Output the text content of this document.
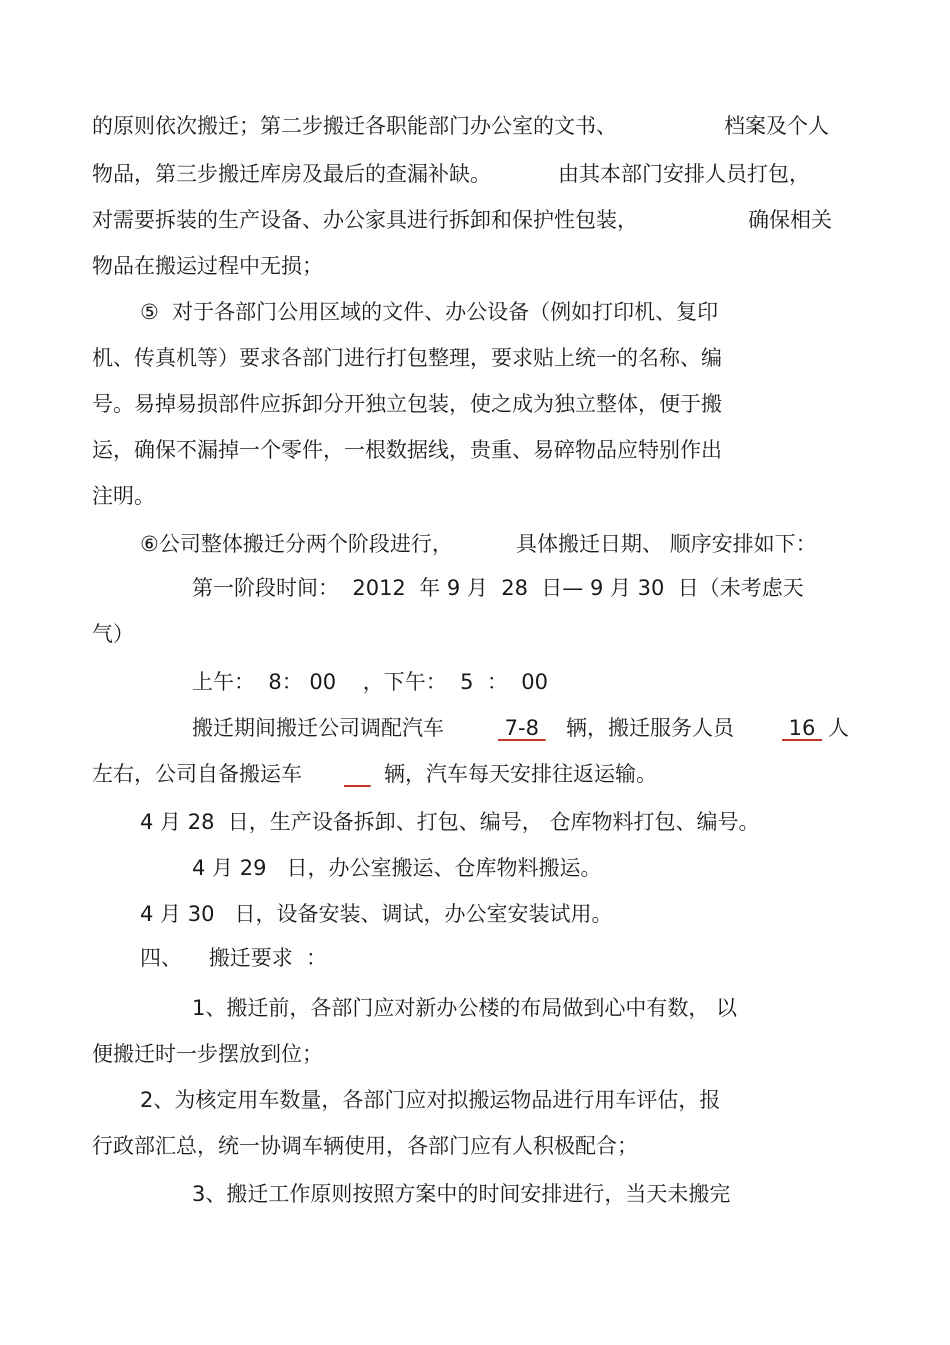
的原则依次搬迁；第二步搬迁各职能部门办公室的文书、	档案及个人
物品，第三步搬迁库房及最后的查漏补缺。	由其本部门安排人员打包，
对需要拆装的生产设备、办公家具进行拆卸和保护性包装，	确保相关
物品在搬运过程中无损；
⑤  对于各部门公用区域的文件、办公设备（例如打印机、复印
机、传真机等）要求各部门进行打包整理，要求贴上统一的名称、编
号。易掉易损部件应拆卸分开独立包装，使之成为独立整体，便于搬
运，确保不漏掉一个零件，一根数据线，贵重、易碎物品应特别作出
注明。
⑥公司整体搬迁分两个阶段进行，	具体搬迁日期、 顺序安排如下：
第一阶段时间：  2012  年 9 月  28  日— 9 月 30  日（未考虑天
气）
上午：  8： 00    ，下午：  5  ：  00
搬迁期间搬迁公司调配汽车	7-8 辆，搬迁服务人员 16 人
左右，公司自备搬运车
	辆，汽车每天安排往返运输。
4 月 28  日，生产设备拆卸、打包、编号， 仓库物料打包、编号。
4 月 29   日，办公室搬运、仓库物料搬运。
4 月 30   日，设备安装、调试，办公室安装试用。
四、    搬迁要求  ：
1、搬迁前，各部门应对新办公楼的布局做到心中有数， 以
便搬迁时一步摆放到位；
2、为核定用车数量，各部门应对拟搬运物品进行用车评估，报
行政部汇总，统一协调车辆使用，各部门应有人积极配合；
3、搬迁工作原则按照方案中的时间安排进行，当天未搬完
